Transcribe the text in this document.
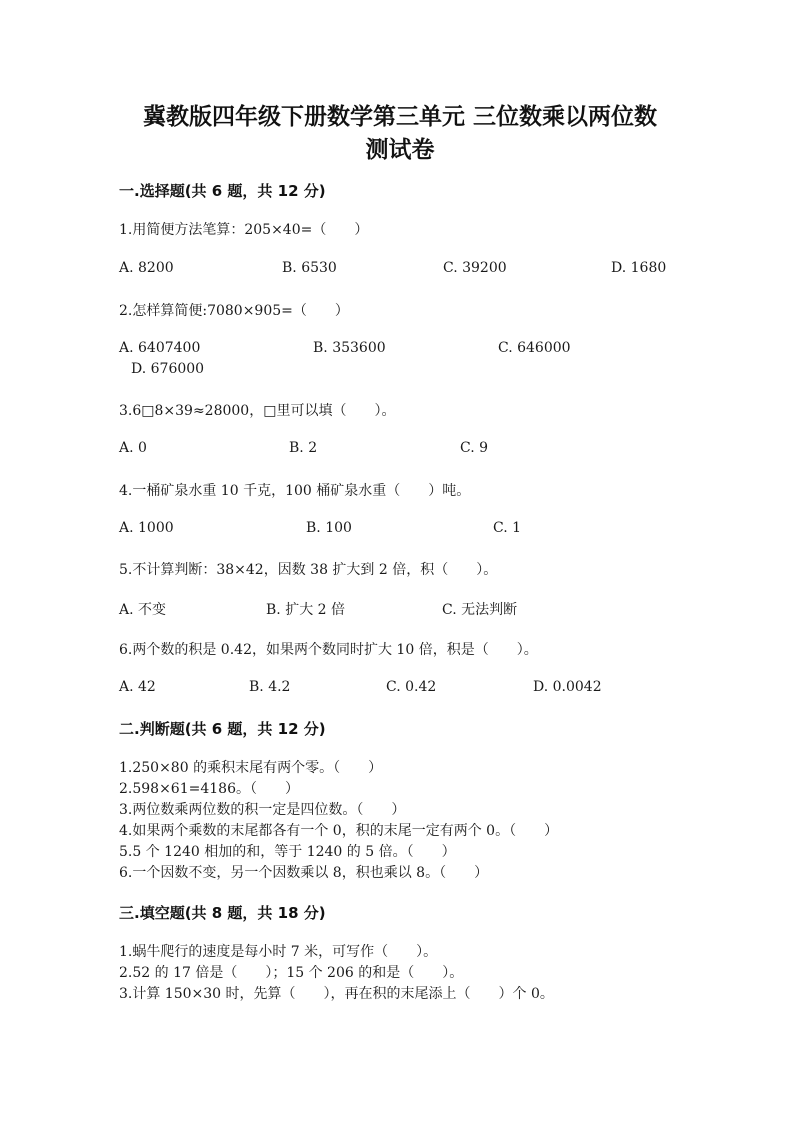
冀教版四年级下册数学第三单元 三位数乘以两位数
测试卷
一.选择题(共 6 题，共 12 分)
1.用简便方法笔算：205×40=（　　）
A. 8200	B. 6530	C. 39200	D. 1680
2.怎样算简便:7080×905=（　　）
A. 6407400	B. 353600	C. 646000
D. 676000
3.6□8×39≈28000，□里可以填（　　）。
A. 0	B. 2	C. 9
4.一桶矿泉水重 10 千克，100 桶矿泉水重（　　）吨。
A. 1000	B. 100	C. 1
5.不计算判断：38×42，因数 38 扩大到 2 倍，积（　　）。
A. 不变	B. 扩大 2 倍	C. 无法判断
6.两个数的积是 0.42，如果两个数同时扩大 10 倍，积是（　　）。
A. 42	B. 4.2	C. 0.42	D. 0.0042
二.判断题(共 6 题，共 12 分)
1.250×80 的乘积末尾有两个零。（　　）
2.598×61=4186。（　　）
3.两位数乘两位数的积一定是四位数。（　　）
4.如果两个乘数的末尾都各有一个 0，积的末尾一定有两个 0。（　　）
5.5 个 1240 相加的和，等于 1240 的 5 倍。（　　）
6.一个因数不变，另一个因数乘以 8，积也乘以 8。（　　）
三.填空题(共 8 题，共 18 分)
1.蜗牛爬行的速度是每小时 7 米，可写作（　　）。
2.52 的 17 倍是（　　）；15 个 206 的和是（　　）。
3.计算 150×30 时，先算（　　），再在积的末尾添上（　　）个 0。
